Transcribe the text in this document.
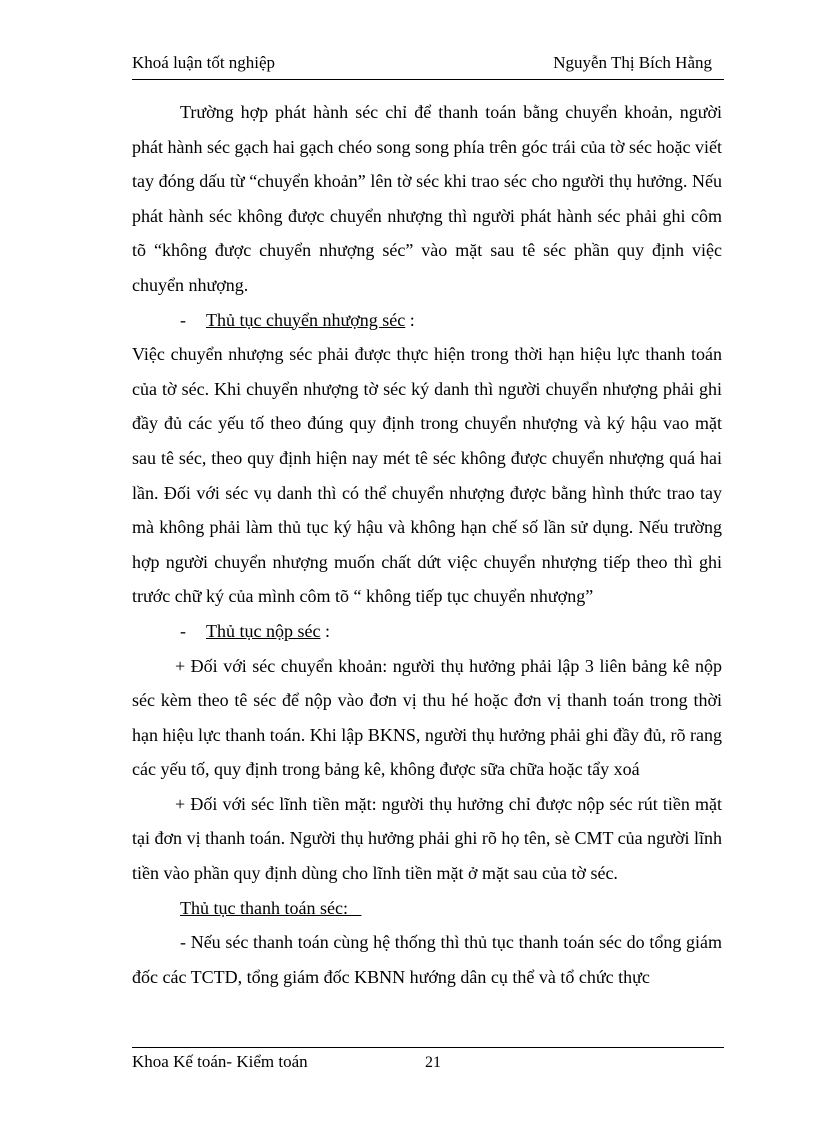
Khoá luận tốt nghiệp	Nguyễn Thị Bích Hằng

Trường hợp phát hành séc chỉ để thanh toán bằng chuyển khoản, người phát hành séc gạch hai gạch chéo song song phía trên góc trái của tờ séc hoặc viết tay đóng dấu từ “chuyển khoản” lên tờ séc khi trao séc cho người thụ hưởng. Nếu phát hành séc không được chuyển nhượng thì người phát hành séc phải ghi côm tõ “không được chuyển nhượng séc” vào mặt sau tê séc phần quy định việc chuyển nhượng.

- Thủ tục chuyển nhượng séc :

Việc chuyển nhượng séc phải được thực hiện trong thời hạn hiệu lực thanh toán của tờ séc. Khi chuyển nhượng tờ séc ký danh thì người chuyển nhượng phải ghi đầy đủ các yếu tố theo đúng quy định trong chuyển nhượng và ký hậu vao mặt sau tê séc, theo quy định hiện nay mét tê séc không được chuyển nhượng quá hai lần. Đối với séc vụ danh thì có thể chuyển nhượng được bằng hình thức trao tay mà không phải làm thủ tục ký hậu và không hạn chế số lần sử dụng. Nếu trường hợp người chuyển nhượng muốn chất dứt việc chuyển nhượng tiếp theo thì ghi trước chữ ký của mình côm tõ “ không tiếp tục chuyển nhượng”

- Thủ tục nộp séc :

+ Đối với séc chuyển khoản: người thụ hưởng phải lập 3 liên bảng kê nộp séc kèm theo tê séc để nộp vào đơn vị thu hé hoặc đơn vị thanh toán trong thời hạn hiệu lực thanh toán. Khi lập BKNS, người thụ hưởng phải ghi đầy đủ, rõ rang các yếu tố, quy định trong bảng kê, không được sữa chữa hoặc tẩy xoá

+ Đối với séc lĩnh tiền mặt: người thụ hưởng chỉ được nộp séc rút tiền mặt tại đơn vị thanh toán. Người thụ hưởng phải ghi rõ họ tên, sè CMT của người lĩnh tiền vào phần quy định dùng cho lĩnh tiền mặt ở mặt sau của tờ séc.

Thủ tục thanh toán séc:

- Nếu séc thanh toán cùng hệ thống thì thủ tục thanh toán séc do tổng giám đốc các TCTD, tổng giám đốc KBNN hướng dân cụ thể và tổ chức thực

Khoa Kế toán- Kiểm toán	21
